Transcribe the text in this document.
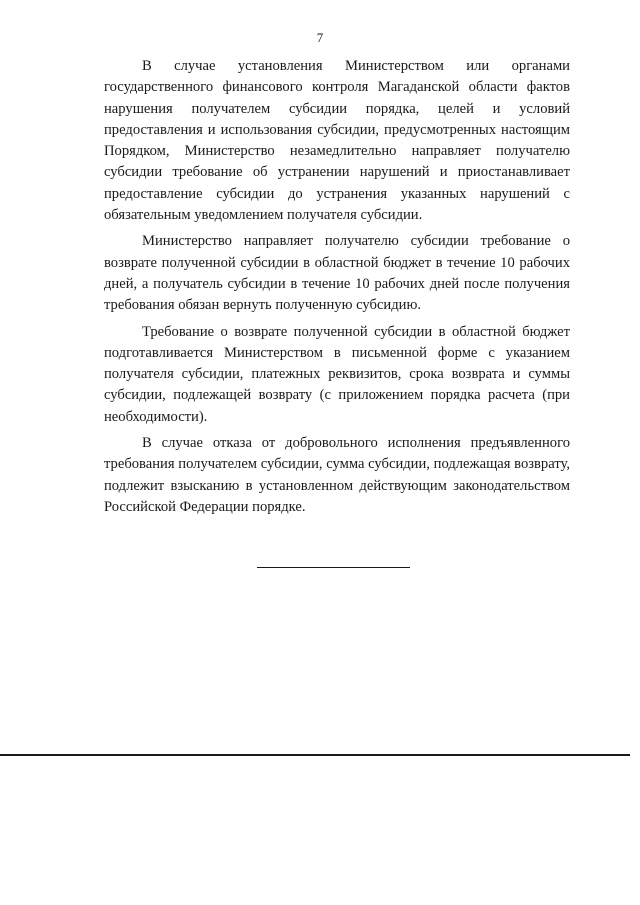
7

В случае установления Министерством или органами государственного финансового контроля Магаданской области фактов нарушения получателем субсидии порядка, целей и условий предоставления и использования субсидии, предусмотренных настоящим Порядком, Министерство незамедлительно направляет получателю субсидии требование об устранении нарушений и приостанавливает предоставление субсидии до устранения указанных нарушений с обязательным уведомлением получателя субсидии.

Министерство направляет получателю субсидии требование о возврате полученной субсидии в областной бюджет в течение 10 рабочих дней, а получатель субсидии в течение 10 рабочих дней после получения требования обязан вернуть полученную субсидию.

Требование о возврате полученной субсидии в областной бюджет подготавливается Министерством в письменной форме с указанием получателя субсидии, платежных реквизитов, срока возврата и суммы субсидии, подлежащей возврату (с приложением порядка расчета (при необходимости).

В случае отказа от добровольного исполнения предъявленного требования получателем субсидии, сумма субсидии, подлежащая возврату, подлежит взысканию в установленном действующим законодательством Российской Федерации порядке.
